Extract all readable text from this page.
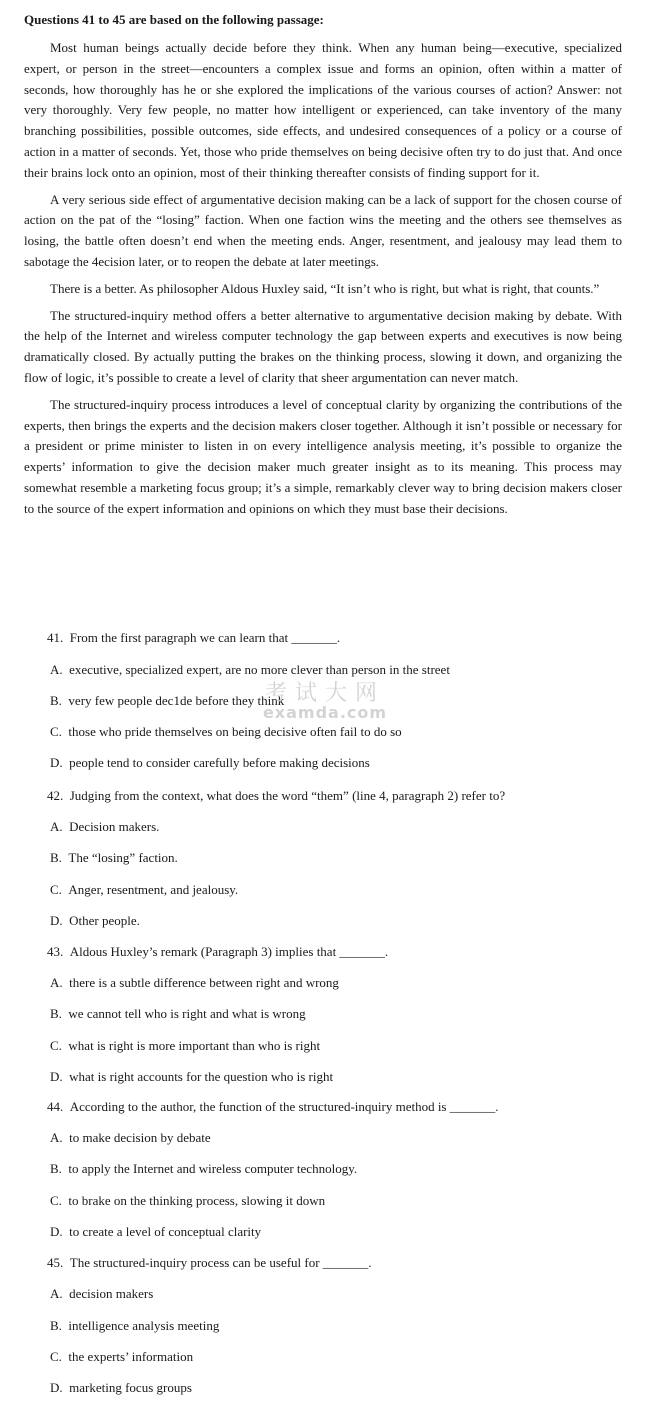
Questions 41 to 45 are based on the following passage:

Most human beings actually decide before they think. When any human being—executive, specialized expert, or person in the street—encounters a complex issue and forms an opinion, often within a matter of seconds, how thoroughly has he or she explored the implications of the various courses of action? Answer: not very thoroughly. Very few people, no matter how intelligent or experienced, can take inventory of the many branching possibilities, possible outcomes, side effects, and undesired consequences of a policy or a course of action in a matter of seconds. Yet, those who pride themselves on being decisive often try to do just that. And once their brains lock onto an opinion, most of their thinking thereafter consists of finding support for it.

A very serious side effect of argumentative decision making can be a lack of support for the chosen course of action on the pat of the “losing” faction. When one faction wins the meeting and the others see themselves as losing, the battle often doesn’t end when the meeting ends. Anger, resentment, and jealousy may lead them to sabotage the 4ecision later, or to reopen the debate at later meetings.

There is a better. As philosopher Aldous Huxley said, “It isn’t who is right, but what is right, that counts.”

The structured-inquiry method offers a better alternative to argumentative decision making by debate. With the help of the Internet and wireless computer technology the gap between experts and executives is now being dramatically closed. By actually putting the brakes on the thinking process, slowing it down, and organizing the flow of logic, it’s possible to create a level of clarity that sheer argumentation can never match.

The structured-inquiry process introduces a level of conceptual clarity by organizing the contributions of the experts, then brings the experts and the decision makers closer together. Although it isn’t possible or necessary for a president or prime minister to listen in on every intelligence analysis meeting, it’s possible to organize the experts’ information to give the decision maker much greater insight as to its meaning. This process may somewhat resemble a marketing focus group; it’s a simple, remarkably clever way to bring decision makers closer to the source of the expert information and opinions on which they must base their decisions.

41.  From the first paragraph we can learn that _______.
A.  executive, specialized expert, are no more clever than person in the street
B.  very few people dec1de before they think
C.  those who pride themselves on being decisive often fail to do so
D.  people tend to consider carefully before making decisions
42.  Judging from the context, what does the word “them” (line 4, paragraph 2) refer to?
A.  Decision makers.
B.  The “losing” faction.
C.  Anger, resentment, and jealousy.
D.  Other people.
43.  Aldous Huxley’s remark (Paragraph 3) implies that _______.
A.  there is a subtle difference between right and wrong
B.  we cannot tell who is right and what is wrong
C.  what is right is more important than who is right
D.  what is right accounts for the question who is right
44.  According to the author, the function of the structured-inquiry method is _______.
A.  to make decision by debate
B.  to apply the Internet and wireless computer technology.
C.  to brake on the thinking process, slowing it down
D.  to create a level of conceptual clarity
45.  The structured-inquiry process can be useful for _______.
A.  decision makers
B.  intelligence analysis meeting
C.  the experts’ information
D.  marketing focus groups
考试大网
examda.com
